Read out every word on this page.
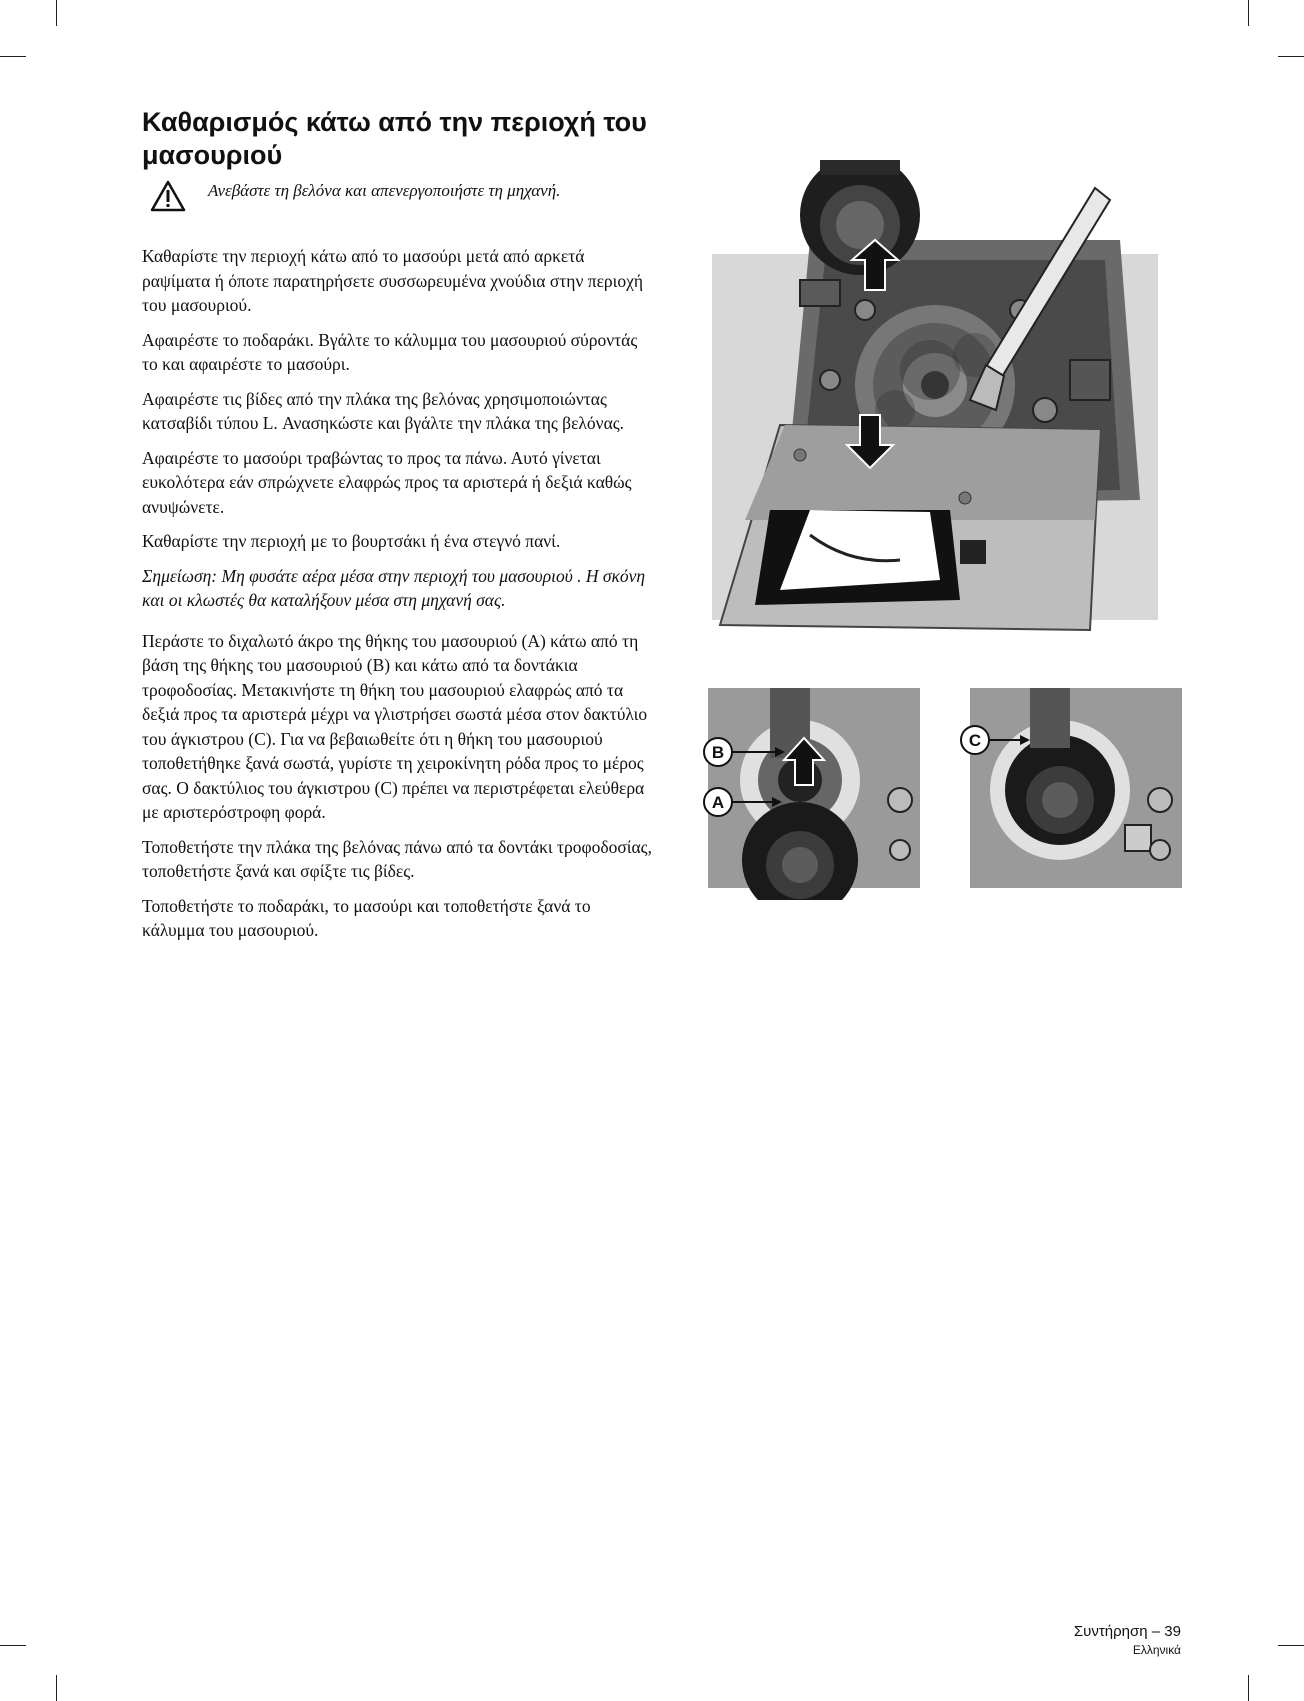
Καθαρισμός κάτω από την περιοχή του μασουριού
Ανεβάστε τη βελόνα και απενεργοποιήστε τη μηχανή.

Καθαρίστε την περιοχή κάτω από το μασούρι μετά από αρκετά ραψίματα ή όποτε παρατηρήσετε συσσωρευμένα χνούδια στην περιοχή του μασουριού.

Αφαιρέστε το ποδαράκι. Βγάλτε το κάλυμμα του μασουριού σύροντάς το και αφαιρέστε το μασούρι.

Αφαιρέστε τις βίδες από την πλάκα της βελόνας χρησιμοποιώντας κατσαβίδι τύπου L. Ανασηκώστε και βγάλτε την πλάκα της βελόνας.

Αφαιρέστε το μασούρι τραβώντας το προς τα πάνω. Αυτό γίνεται ευκολότερα εάν σπρώχνετε ελαφρώς προς τα αριστερά ή δεξιά καθώς ανυψώνετε.

Καθαρίστε την περιοχή με το βουρτσάκι ή ένα στεγνό πανί.

Σημείωση: Μη φυσάτε αέρα μέσα στην περιοχή του μασουριού . Η σκόνη και οι κλωστές θα καταλήξουν μέσα στη μηχανή σας.

Περάστε το διχαλωτό άκρο της θήκης του μασουριού (A) κάτω από τη βάση της θήκης του μασουριού (B) και κάτω από τα δοντάκια τροφοδοσίας. Μετακινήστε τη θήκη του μασουριού ελαφρώς από τα δεξιά προς τα αριστερά μέχρι να γλιστρήσει σωστά μέσα στον δακτύλιο του άγκιστρου (C). Για να βεβαιωθείτε ότι η θήκη του μασουριού τοποθετήθηκε ξανά σωστά, γυρίστε τη χειροκίνητη ρόδα προς το μέρος σας. Ο δακτύλιος του άγκιστρου (C) πρέπει να περιστρέφεται ελεύθερα με αριστερόστροφη φορά.

Τοποθετήστε την πλάκα της βελόνας πάνω από τα δοντάκι τροφοδοσίας, τοποθετήστε ξανά και σφίξτε τις βίδες.

Τοποθετήστε το ποδαράκι, το μασούρι και τοποθετήστε ξανά το κάλυμμα του μασουριού.

B
A
C
Συντήρηση – 39
Ελληνικά
